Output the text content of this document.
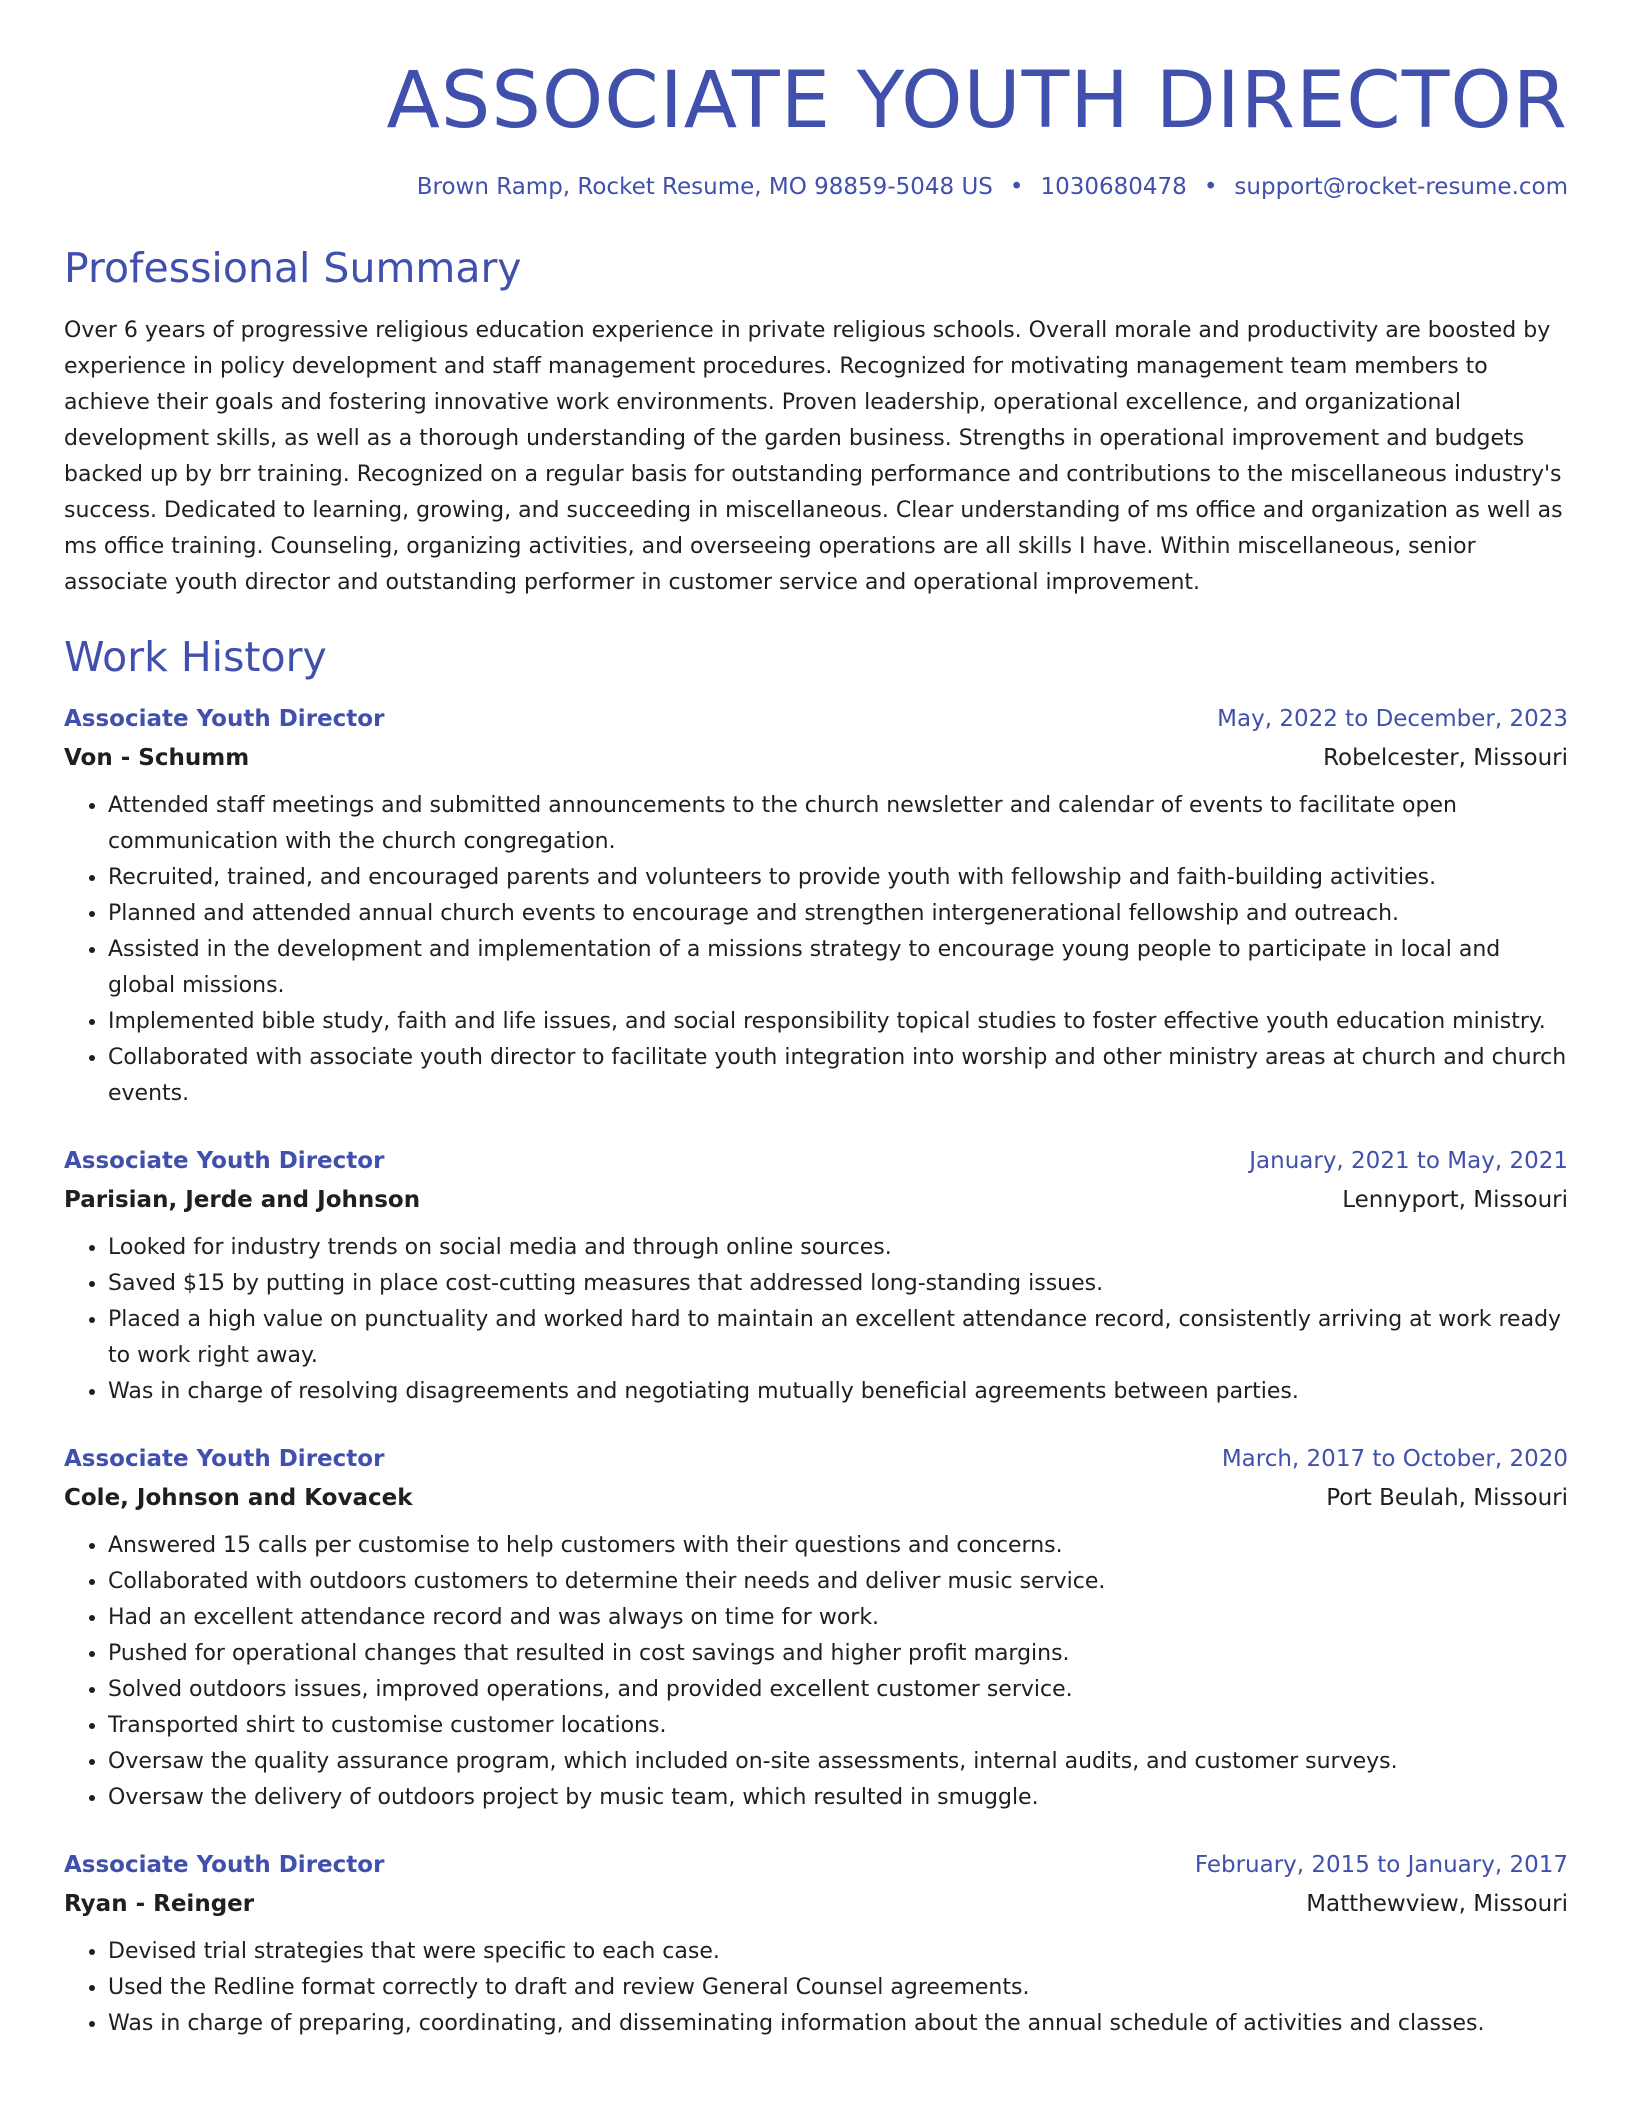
ASSOCIATE YOUTH DIRECTOR
Brown Ramp, Rocket Resume, MO 98859-5048 US • 1030680478 • support@rocket-resume.com
Professional Summary
Over 6 years of progressive religious education experience in private religious schools. Overall morale and productivity are boosted by experience in policy development and staff management procedures. Recognized for motivating management team members to achieve their goals and fostering innovative work environments. Proven leadership, operational excellence, and organizational development skills, as well as a thorough understanding of the garden business. Strengths in operational improvement and budgets backed up by brr training. Recognized on a regular basis for outstanding performance and contributions to the miscellaneous industry's success. Dedicated to learning, growing, and succeeding in miscellaneous. Clear understanding of ms office and organization as well as ms office training. Counseling, organizing activities, and overseeing operations are all skills I have. Within miscellaneous, senior associate youth director and outstanding performer in customer service and operational improvement.
Work History
Associate Youth Director	May, 2022 to December, 2023
Von - Schumm	Robelcester, Missouri
• Attended staff meetings and submitted announcements to the church newsletter and calendar of events to facilitate open communication with the church congregation.
• Recruited, trained, and encouraged parents and volunteers to provide youth with fellowship and faith-building activities.
• Planned and attended annual church events to encourage and strengthen intergenerational fellowship and outreach.
• Assisted in the development and implementation of a missions strategy to encourage young people to participate in local and global missions.
• Implemented bible study, faith and life issues, and social responsibility topical studies to foster effective youth education ministry.
• Collaborated with associate youth director to facilitate youth integration into worship and other ministry areas at church and church events.
Associate Youth Director	January, 2021 to May, 2021
Parisian, Jerde and Johnson	Lennyport, Missouri
• Looked for industry trends on social media and through online sources.
• Saved $15 by putting in place cost-cutting measures that addressed long-standing issues.
• Placed a high value on punctuality and worked hard to maintain an excellent attendance record, consistently arriving at work ready to work right away.
• Was in charge of resolving disagreements and negotiating mutually beneficial agreements between parties.
Associate Youth Director	March, 2017 to October, 2020
Cole, Johnson and Kovacek	Port Beulah, Missouri
• Answered 15 calls per customise to help customers with their questions and concerns.
• Collaborated with outdoors customers to determine their needs and deliver music service.
• Had an excellent attendance record and was always on time for work.
• Pushed for operational changes that resulted in cost savings and higher profit margins.
• Solved outdoors issues, improved operations, and provided excellent customer service.
• Transported shirt to customise customer locations.
• Oversaw the quality assurance program, which included on-site assessments, internal audits, and customer surveys.
• Oversaw the delivery of outdoors project by music team, which resulted in smuggle.
Associate Youth Director	February, 2015 to January, 2017
Ryan - Reinger	Matthewview, Missouri
• Devised trial strategies that were specific to each case.
• Used the Redline format correctly to draft and review General Counsel agreements.
• Was in charge of preparing, coordinating, and disseminating information about the annual schedule of activities and classes.
